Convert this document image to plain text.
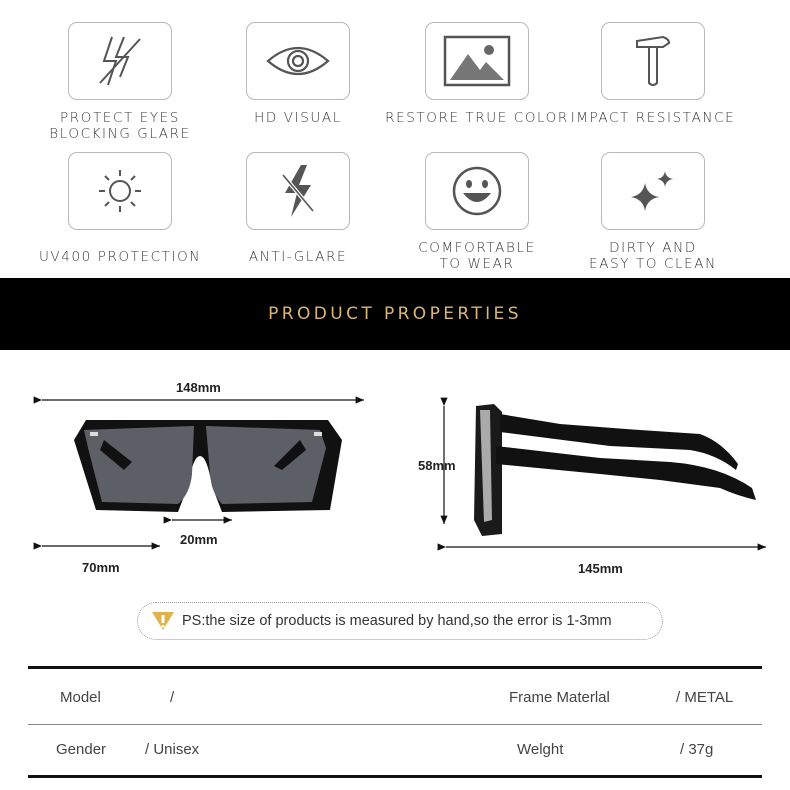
PROTECT EYES
BLOCKING GLARE
HD VISUAL	RESTORE TRUE COLOR IMPACT RESISTANCE
UV400 PROTECTION	ANTI-GLARE
COMFORTABLE
TO WEAR
DIRTY AND
EASY TO CLEAN
PRODUCT PROPERTIES
148mm
70mm
20mm
58mm
145mm
PS:the size of products is measured by hand,so the error is 1-3mm
Model	/	Frame Materlal	/ METAL
Gender	/ Unisex	Welght	/ 37g
